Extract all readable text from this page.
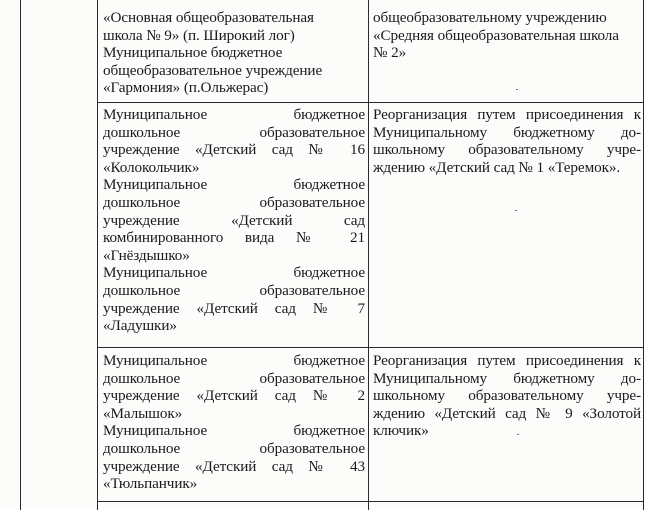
«Основная общеобразовательная

школа № 9» (п. Широкий лог)

Муниципальное бюджетное

общеобразовательное учреждение

«Гармония» (п.Ольжерас)

общеобразовательному учреждению

«Средняя общеобразовательная школа

№ 2»

Муниципальное бюджетное

дошкольное образовательное

учреждение «Детский сад № 16

«Колокольчик»

Муниципальное бюджетное

дошкольное образовательное

учреждение «Детский сад

комбинированного вида № 21

«Гнёздышко»

Муниципальное бюджетное

дошкольное образовательное

учреждение «Детский сад № 7

«Ладушки»

Реорганизация путем присоединения к

Муниципальному бюджетному до-

школьному образовательному учре-

ждению «Детский сад № 1 «Теремок».

Муниципальное бюджетное

дошкольное образовательное

учреждение «Детский сад № 2

«Малышок»

Муниципальное бюджетное

дошкольное образовательное

учреждение «Детский сад № 43

«Тюльпанчик»

Реорганизация путем присоединения к

Муниципальному бюджетному до-

школьному образовательному учре-

ждению «Детский сад № 9 «Золотой

ключик»
